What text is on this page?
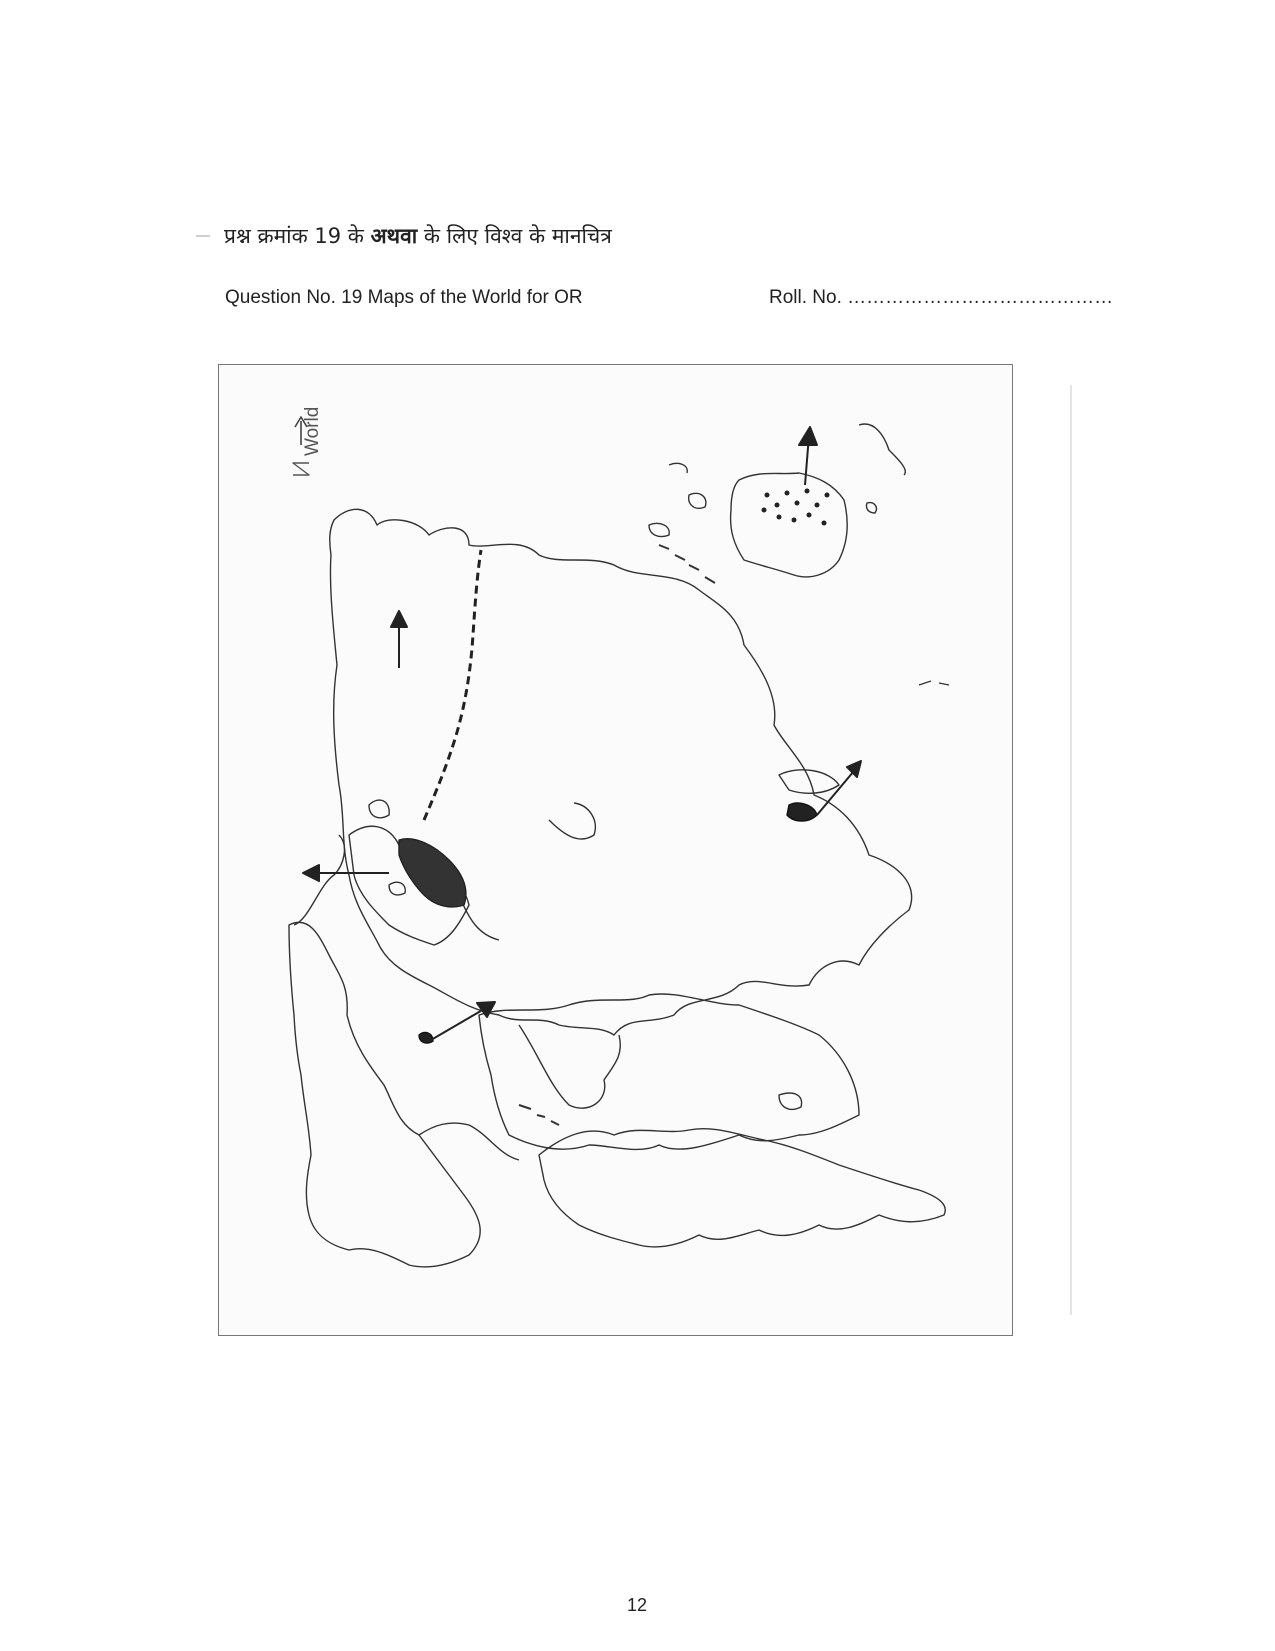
प्रश्न क्रमांक 19 के अथवा के लिए विश्व के मानचित्र
Question No. 19 Maps of the World for OR	Roll. No. ……………………………………
World
12
